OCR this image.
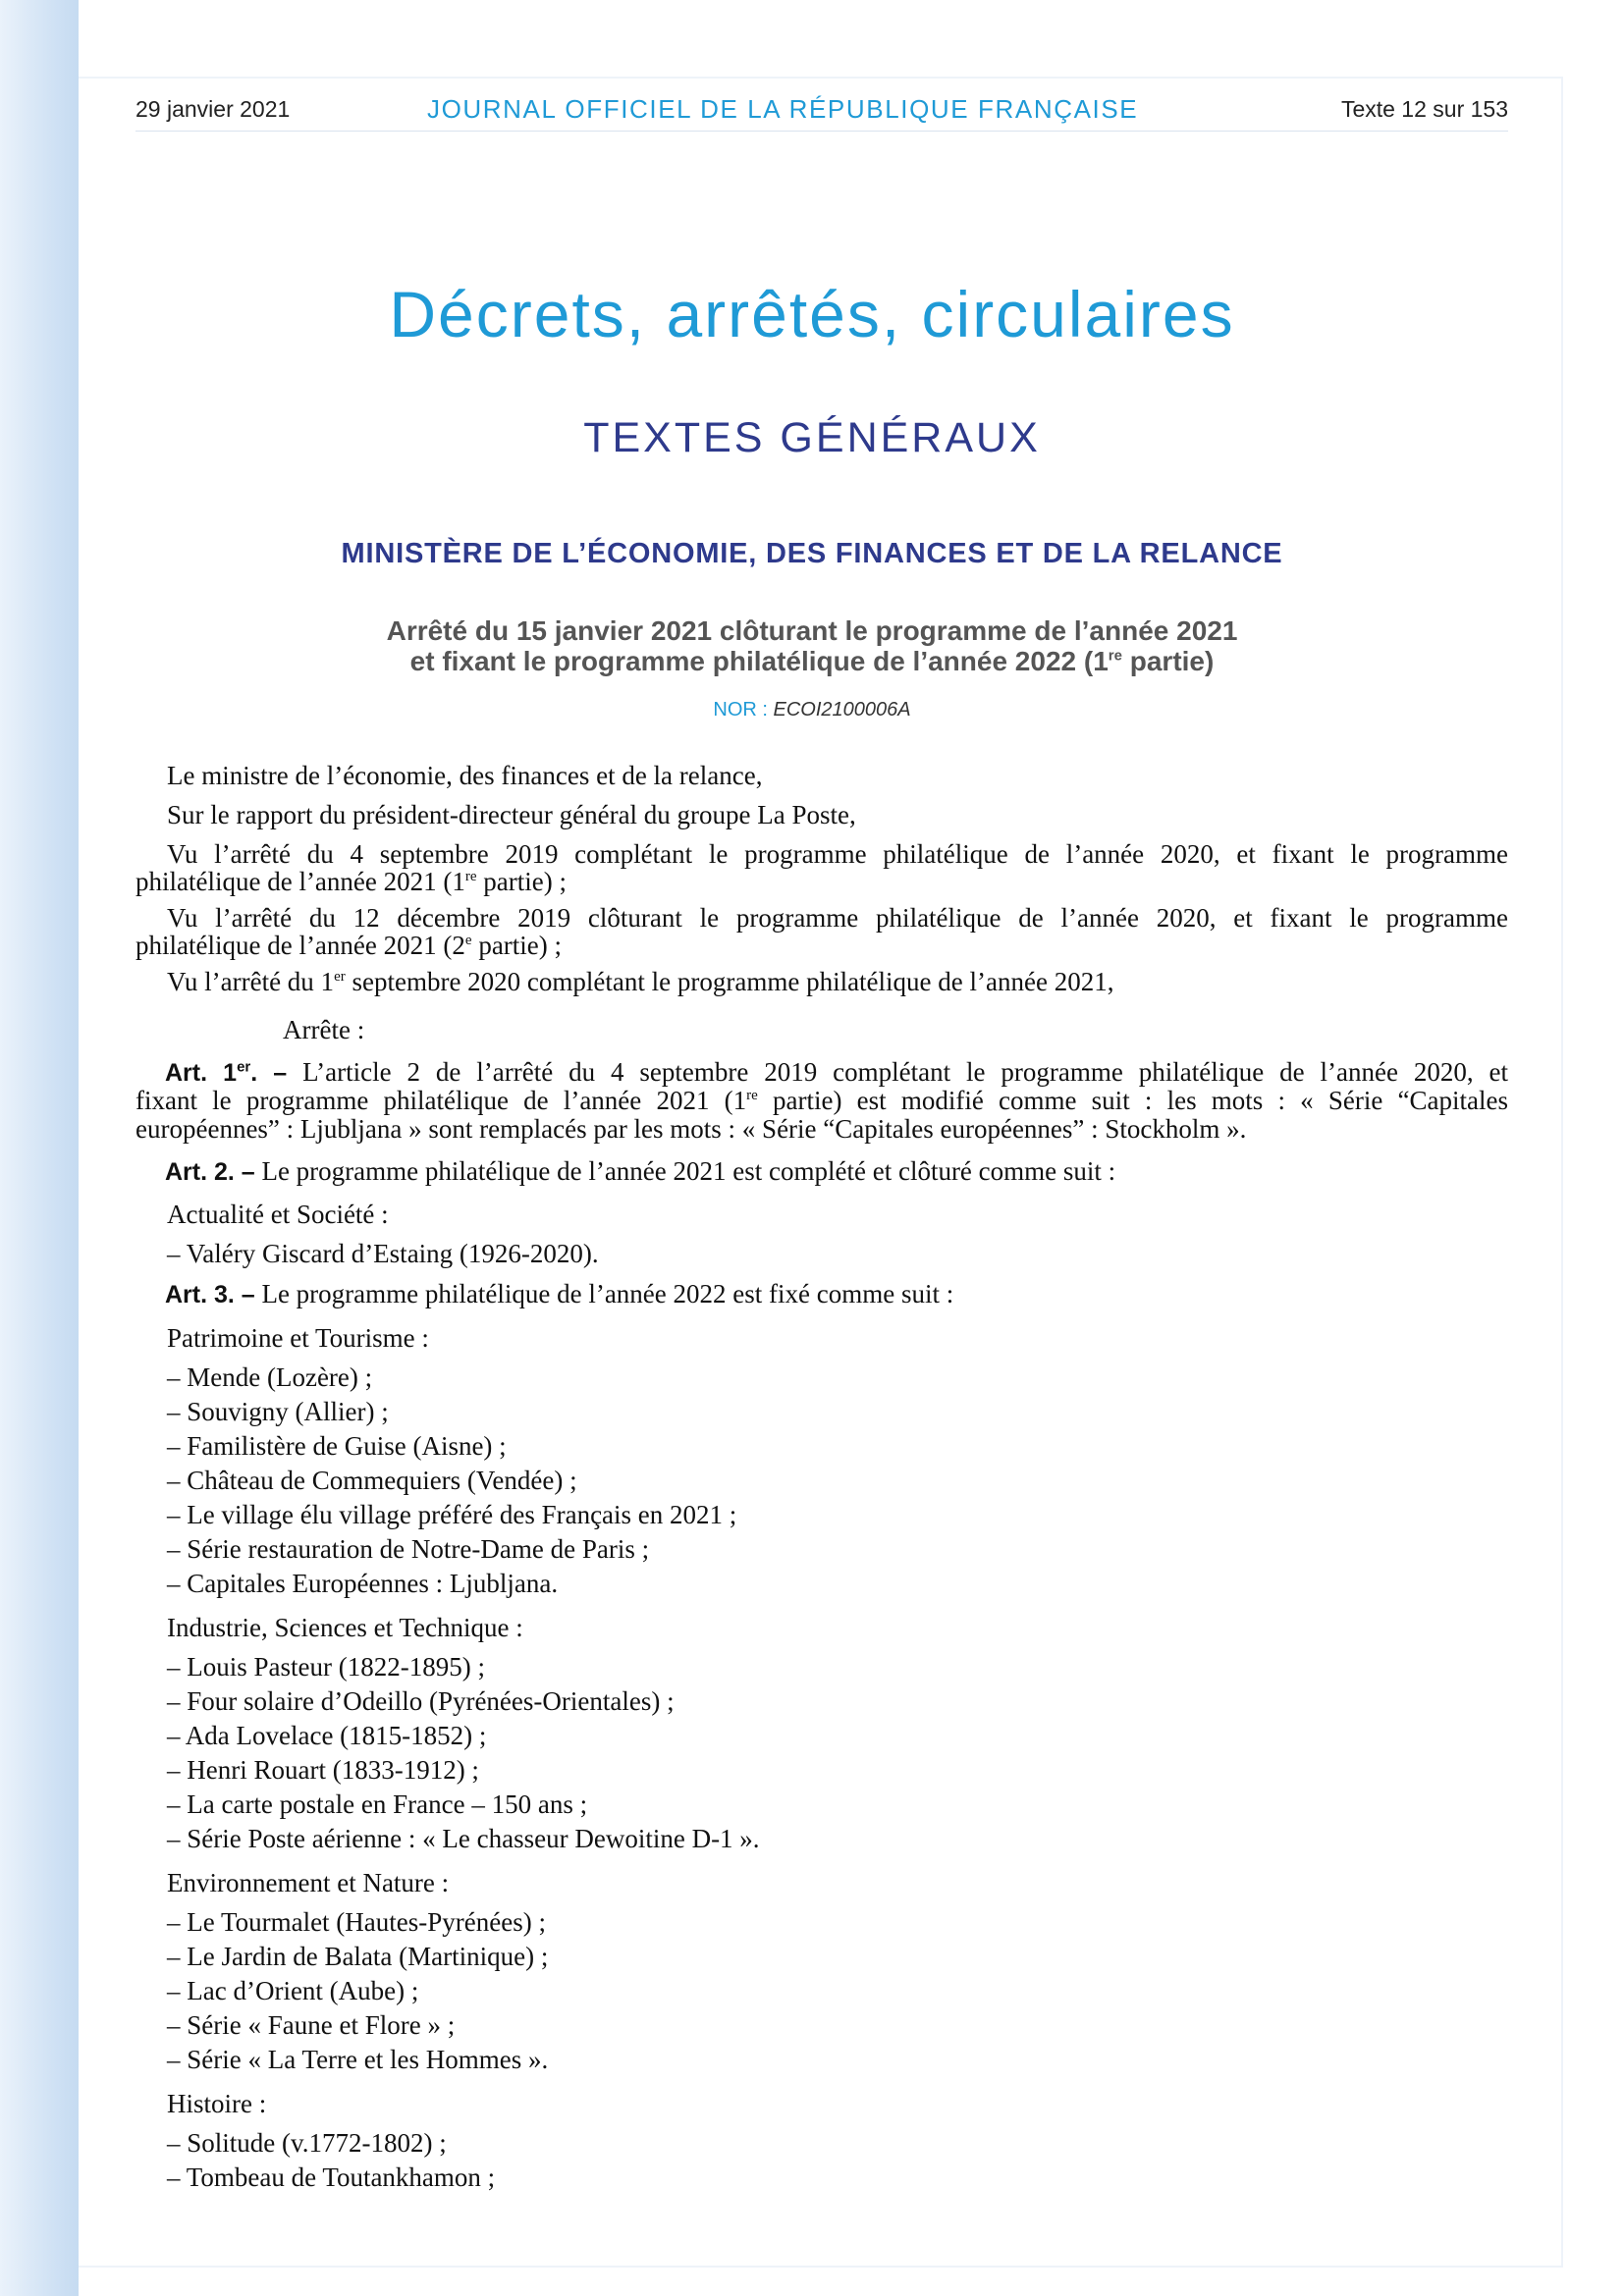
29 janvier 2021	JOURNAL OFFICIEL DE LA RÉPUBLIQUE FRANÇAISE	Texte 12 sur 153
Décrets, arrêtés, circulaires
TEXTES GÉNÉRAUX
MINISTÈRE DE L’ÉCONOMIE, DES FINANCES ET DE LA RELANCE
Arrêté du 15 janvier 2021 clôturant le programme de l’année 2021
et fixant le programme philatélique de l’année 2022 (1re partie)
NOR : ECOI2100006A
Le ministre de l’économie, des finances et de la relance,
Sur le rapport du président-directeur général du groupe La Poste,
Vu l’arrêté du 4 septembre 2019 complétant le programme philatélique de l’année 2020, et fixant le programme
philatélique de l’année 2021 (1re partie) ;
Vu l’arrêté du 12 décembre 2019 clôturant le programme philatélique de l’année 2020, et fixant le programme
philatélique de l’année 2021 (2e partie) ;
Vu l’arrêté du 1er septembre 2020 complétant le programme philatélique de l’année 2021,
Arrête :
Art. 1er. – L’article 2 de l’arrêté du 4 septembre 2019 complétant le programme philatélique de l’année 2020, et
fixant le programme philatélique de l’année 2021 (1re partie) est modifié comme suit : les mots : « Série “Capitales
européennes” : Ljubljana » sont remplacés par les mots : « Série “Capitales européennes” : Stockholm ».
Art. 2. – Le programme philatélique de l’année 2021 est complété et clôturé comme suit :
Actualité et Société :
– Valéry Giscard d’Estaing (1926-2020).
Art. 3. – Le programme philatélique de l’année 2022 est fixé comme suit :
Patrimoine et Tourisme :
– Mende (Lozère) ;
– Souvigny (Allier) ;
– Familistère de Guise (Aisne) ;
– Château de Commequiers (Vendée) ;
– Le village élu village préféré des Français en 2021 ;
– Série restauration de Notre-Dame de Paris ;
– Capitales Européennes : Ljubljana.
Industrie, Sciences et Technique :
– Louis Pasteur (1822-1895) ;
– Four solaire d’Odeillo (Pyrénées-Orientales) ;
– Ada Lovelace (1815-1852) ;
– Henri Rouart (1833-1912) ;
– La carte postale en France – 150 ans ;
– Série Poste aérienne : « Le chasseur Dewoitine D-1 ».
Environnement et Nature :
– Le Tourmalet (Hautes-Pyrénées) ;
– Le Jardin de Balata (Martinique) ;
– Lac d’Orient (Aube) ;
– Série « Faune et Flore » ;
– Série « La Terre et les Hommes ».
Histoire :
– Solitude (v.1772-1802) ;
– Tombeau de Toutankhamon ;
